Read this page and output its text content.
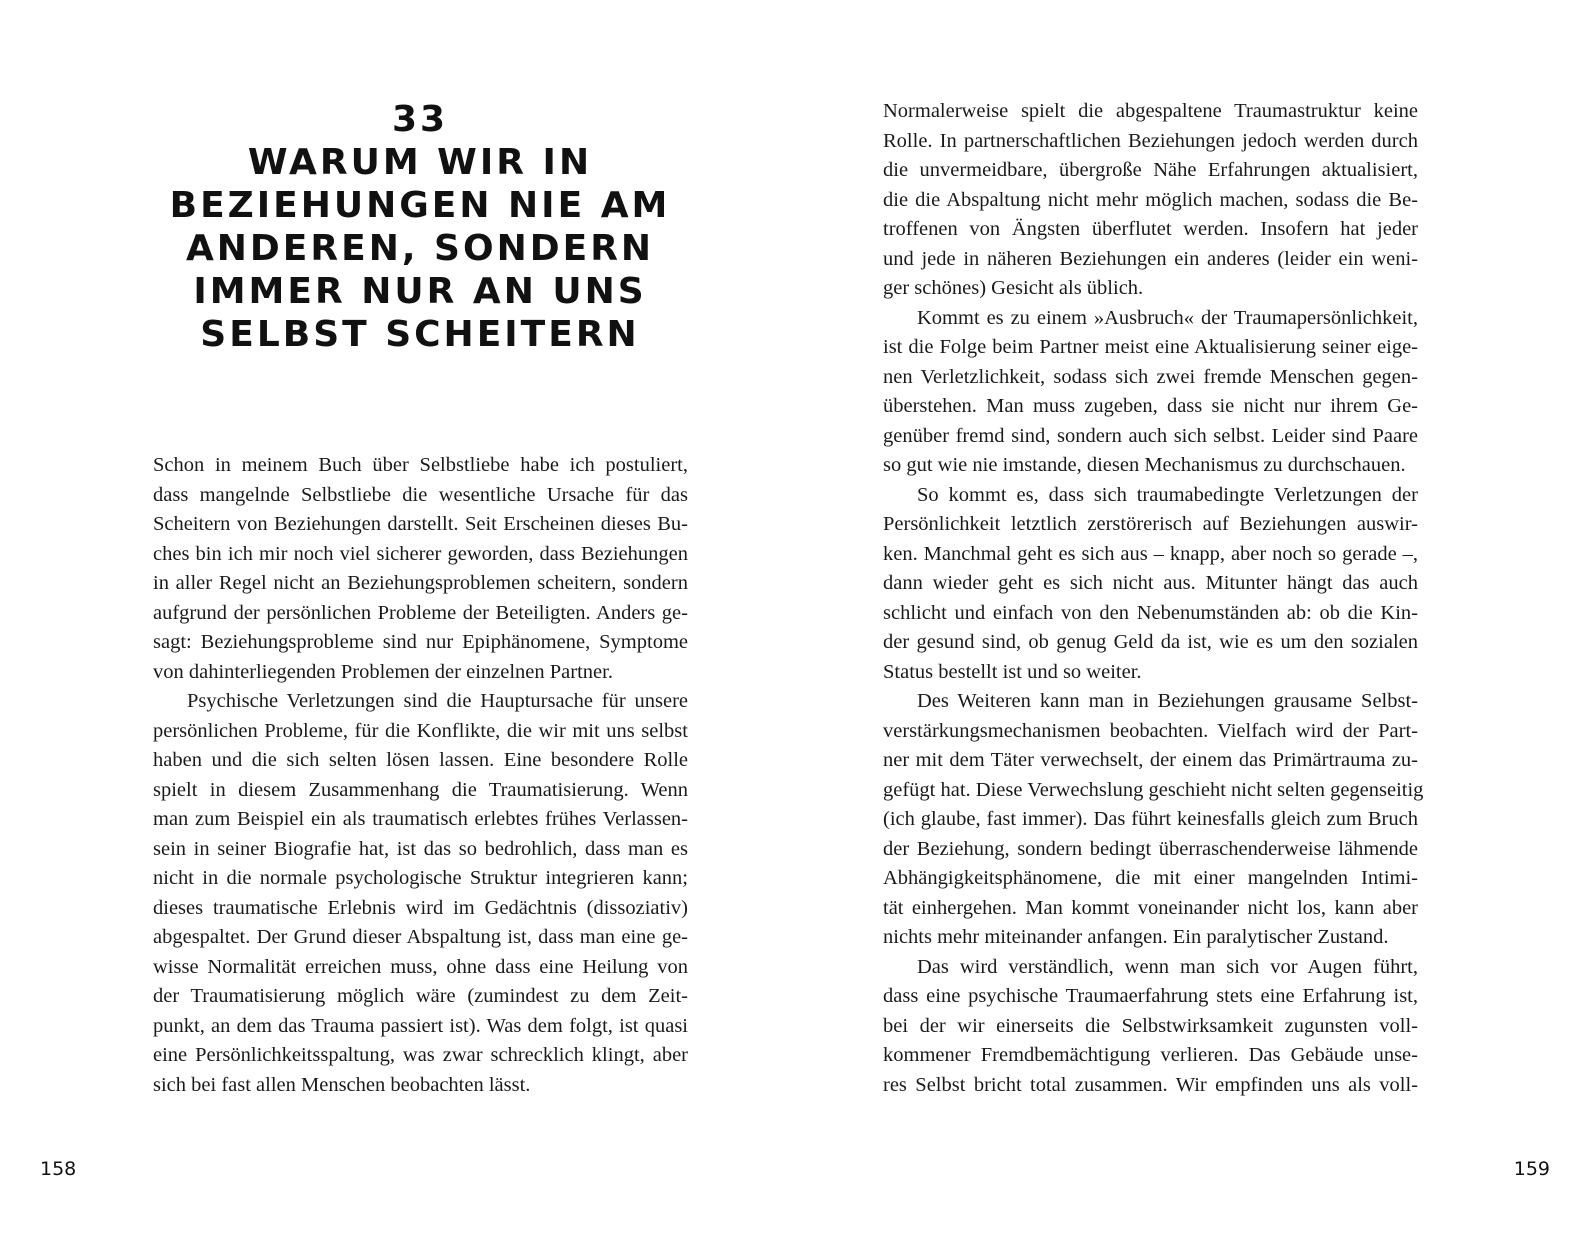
33
WARUM WIR IN
BEZIEHUNGEN NIE AM
ANDEREN, SONDERN
IMMER NUR AN UNS
SELBST SCHEITERN
Schon in meinem Buch über Selbstliebe habe ich postuliert,
dass mangelnde Selbstliebe die wesentliche Ursache für das
Scheitern von Beziehungen darstellt. Seit Erscheinen dieses Bu-
ches bin ich mir noch viel sicherer geworden, dass Beziehungen
in aller Regel nicht an Beziehungsproblemen scheitern, sondern
aufgrund der persönlichen Probleme der Beteiligten. Anders ge-
sagt: Beziehungsprobleme sind nur Epiphänomene, Symptome
von dahinterliegenden Problemen der einzelnen Partner.
Psychische Verletzungen sind die Hauptursache für unsere
persönlichen Probleme, für die Konflikte, die wir mit uns selbst
haben und die sich selten lösen lassen. Eine besondere Rolle
spielt in diesem Zusammenhang die Traumatisierung. Wenn
man zum Beispiel ein als traumatisch erlebtes frühes Verlassen-
sein in seiner Biografie hat, ist das so bedrohlich, dass man es
nicht in die normale psychologische Struktur integrieren kann;
dieses traumatische Erlebnis wird im Gedächtnis (dissoziativ)
abgespaltet. Der Grund dieser Abspaltung ist, dass man eine ge-
wisse Normalität erreichen muss, ohne dass eine Heilung von
der Traumatisierung möglich wäre (zumindest zu dem Zeit-
punkt, an dem das Trauma passiert ist). Was dem folgt, ist quasi
eine Persönlichkeitsspaltung, was zwar schrecklich klingt, aber
sich bei fast allen Menschen beobachten lässt.
158
Normalerweise spielt die abgespaltene Traumastruktur keine
Rolle. In partnerschaftlichen Beziehungen jedoch werden durch
die unvermeidbare, übergroße Nähe Erfahrungen aktualisiert,
die die Abspaltung nicht mehr möglich machen, sodass die Be-
troffenen von Ängsten überflutet werden. Insofern hat jeder
und jede in näheren Beziehungen ein anderes (leider ein weni-
ger schönes) Gesicht als üblich.
Kommt es zu einem »Ausbruch« der Traumapersönlichkeit,
ist die Folge beim Partner meist eine Aktualisierung seiner eige-
nen Verletzlichkeit, sodass sich zwei fremde Menschen gegen-
überstehen. Man muss zugeben, dass sie nicht nur ihrem Ge-
genüber fremd sind, sondern auch sich selbst. Leider sind Paare
so gut wie nie imstande, diesen Mechanismus zu durchschauen.
So kommt es, dass sich traumabedingte Verletzungen der
Persönlichkeit letztlich zerstörerisch auf Beziehungen auswir-
ken. Manchmal geht es sich aus – knapp, aber noch so gerade –,
dann wieder geht es sich nicht aus. Mitunter hängt das auch
schlicht und einfach von den Nebenumständen ab: ob die Kin-
der gesund sind, ob genug Geld da ist, wie es um den sozialen
Status bestellt ist und so weiter.
Des Weiteren kann man in Beziehungen grausame Selbst-
verstärkungsmechanismen beobachten. Vielfach wird der Part-
ner mit dem Täter verwechselt, der einem das Primärtrauma zu-
gefügt hat. Diese Verwechslung geschieht nicht selten gegenseitig
(ich glaube, fast immer). Das führt keinesfalls gleich zum Bruch
der Beziehung, sondern bedingt überraschenderweise lähmende
Abhängigkeitsphänomene, die mit einer mangelnden Intimi-
tät einhergehen. Man kommt voneinander nicht los, kann aber
nichts mehr miteinander anfangen. Ein paralytischer Zustand.
Das wird verständlich, wenn man sich vor Augen führt,
dass eine psychische Traumaerfahrung stets eine Erfahrung ist,
bei der wir einerseits die Selbstwirksamkeit zugunsten voll-
kommener Fremdbemächtigung verlieren. Das Gebäude unse-
res Selbst bricht total zusammen. Wir empfinden uns als voll-
159
